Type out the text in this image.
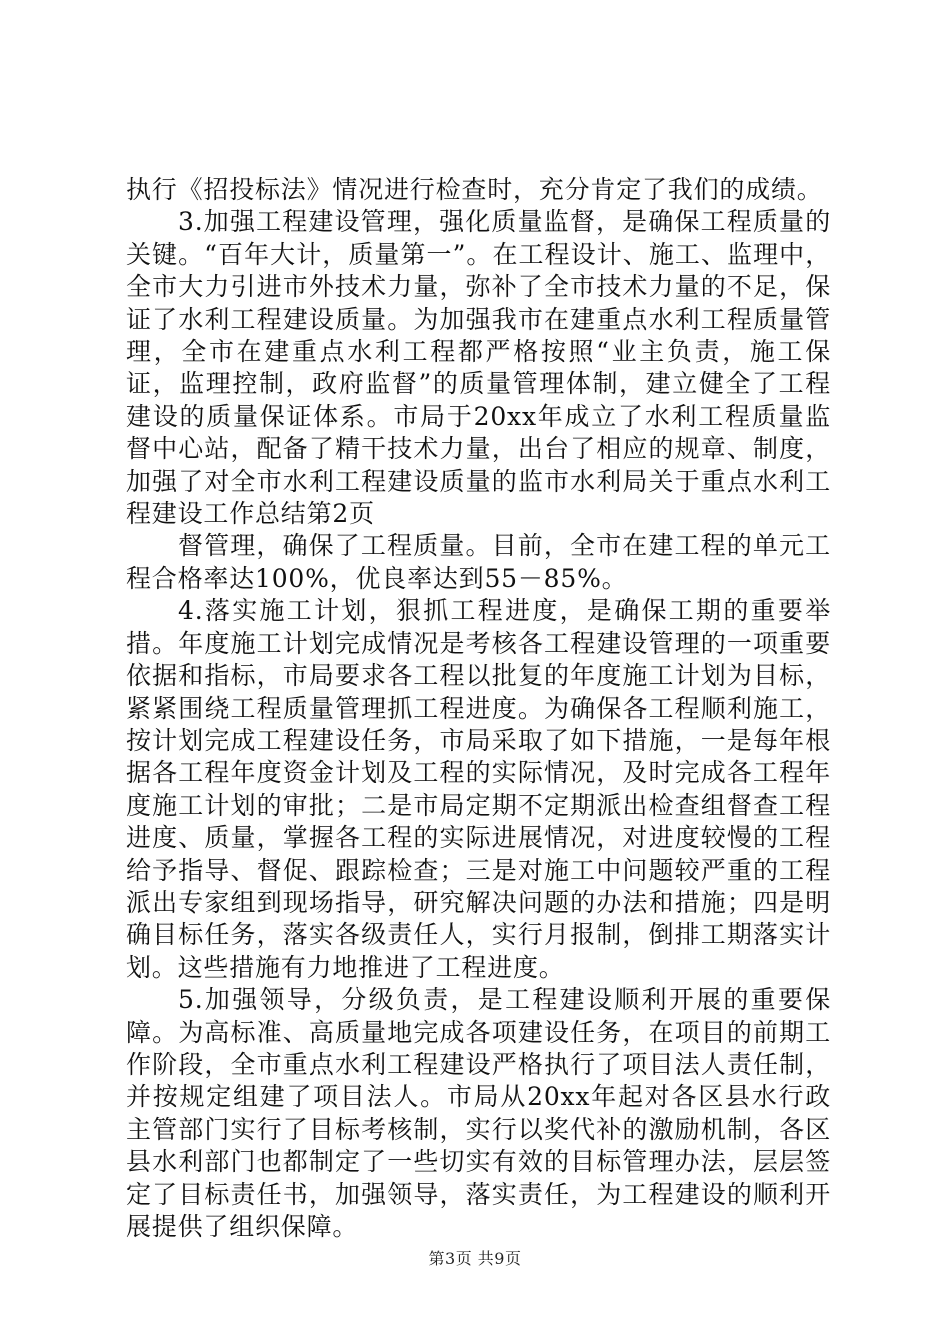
执行《招投标法》情况进行检查时，充分肯定了我们的成绩。

3.加强工程建设管理，强化质量监督，是确保工程质量的关键。“百年大计，质量第一”。在工程设计、施工、监理中，全市大力引进市外技术力量，弥补了全市技术力量的不足，保证了水利工程建设质量。为加强我市在建重点水利工程质量管理，全市在建重点水利工程都严格按照“业主负责，施工保证，监理控制，政府监督”的质量管理体制，建立健全了工程建设的质量保证体系。市局于20xx年成立了水利工程质量监督中心站，配备了精干技术力量，出台了相应的规章、制度，加强了对全市水利工程建设质量的监市水利局关于重点水利工程建设工作总结第2页

督管理，确保了工程质量。目前，全市在建工程的单元工程合格率达100%，优良率达到55－85%。

4.落实施工计划，狠抓工程进度，是确保工期的重要举措。年度施工计划完成情况是考核各工程建设管理的一项重要依据和指标，市局要求各工程以批复的年度施工计划为目标，紧紧围绕工程质量管理抓工程进度。为确保各工程顺利施工，按计划完成工程建设任务，市局采取了如下措施，一是每年根据各工程年度资金计划及工程的实际情况，及时完成各工程年度施工计划的审批；二是市局定期不定期派出检查组督查工程进度、质量，掌握各工程的实际进展情况，对进度较慢的工程给予指导、督促、跟踪检查；三是对施工中问题较严重的工程派出专家组到现场指导，研究解决问题的办法和措施；四是明确目标任务，落实各级责任人，实行月报制，倒排工期落实计划。这些措施有力地推进了工程进度。

5.加强领导，分级负责，是工程建设顺利开展的重要保障。为高标准、高质量地完成各项建设任务，在项目的前期工作阶段，全市重点水利工程建设严格执行了项目法人责任制，并按规定组建了项目法人。市局从20xx年起对各区县水行政主管部门实行了目标考核制，实行以奖代补的激励机制，各区县水利部门也都制定了一些切实有效的目标管理办法，层层签定了目标责任书，加强领导，落实责任，为工程建设的顺利开展提供了组织保障。

第3页 共9页
